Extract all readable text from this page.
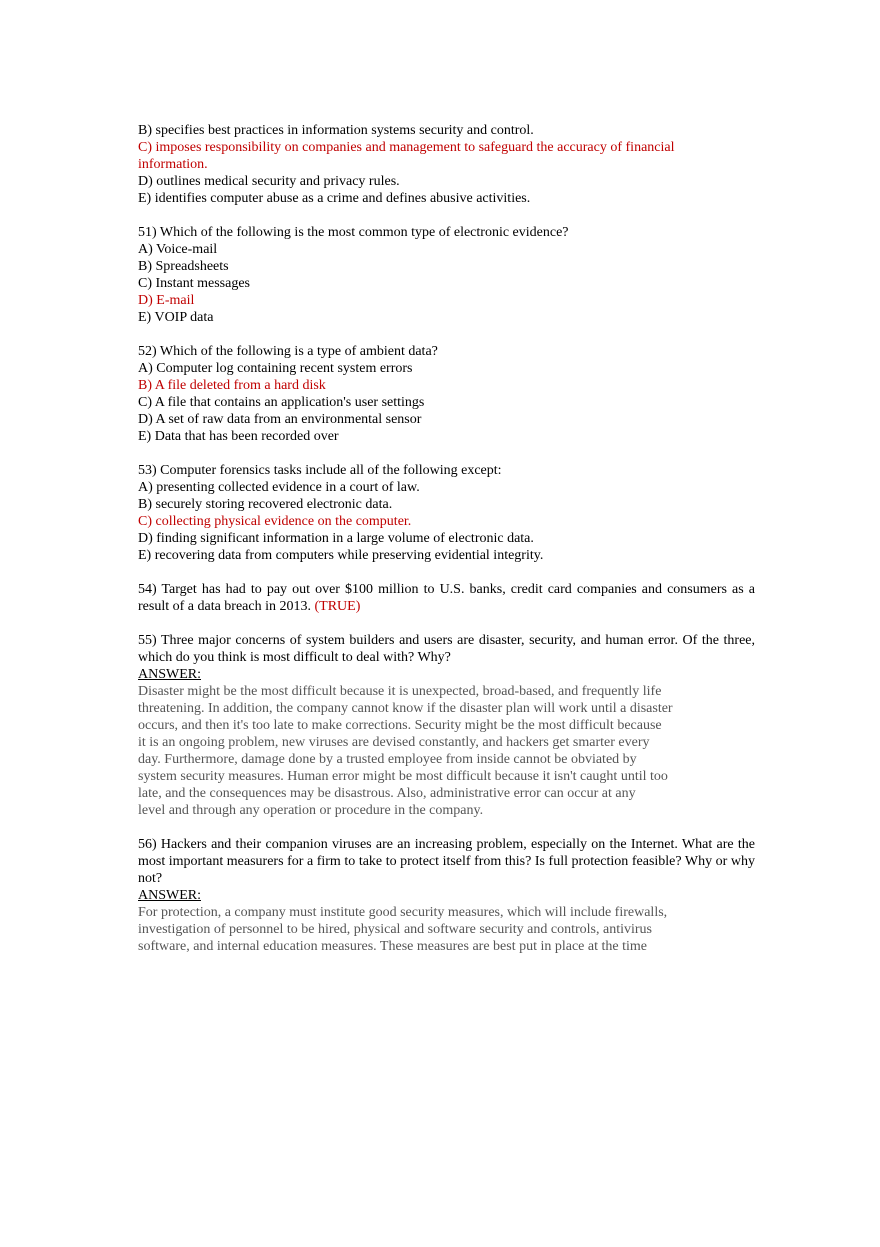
B) specifies best practices in information systems security and control.
C) imposes responsibility on companies and management to safeguard the accuracy of financial information.
D) outlines medical security and privacy rules.
E) identifies computer abuse as a crime and defines abusive activities.
51) Which of the following is the most common type of electronic evidence?
A) Voice-mail
B) Spreadsheets
C) Instant messages
D) E-mail
E) VOIP data
52) Which of the following is a type of ambient data?
A) Computer log containing recent system errors
B) A file deleted from a hard disk
C) A file that contains an application's user settings
D) A set of raw data from an environmental sensor
E) Data that has been recorded over
53) Computer forensics tasks include all of the following except:
A) presenting collected evidence in a court of law.
B) securely storing recovered electronic data.
C) collecting physical evidence on the computer.
D) finding significant information in a large volume of electronic data.
E) recovering data from computers while preserving evidential integrity.
54) Target has had to pay out over $100 million to U.S. banks, credit card companies and consumers as a result of a data breach in 2013. (TRUE)
55) Three major concerns of system builders and users are disaster, security, and human error. Of the three, which do you think is most difficult to deal with? Why?
ANSWER:
Disaster might be the most difficult because it is unexpected, broad-based, and frequently life
threatening. In addition, the company cannot know if the disaster plan will work until a disaster
occurs, and then it's too late to make corrections. Security might be the most difficult because
it is an ongoing problem, new viruses are devised constantly, and hackers get smarter every
day. Furthermore, damage done by a trusted employee from inside cannot be obviated by
system security measures. Human error might be most difficult because it isn't caught until too
late, and the consequences may be disastrous. Also, administrative error can occur at any
level and through any operation or procedure in the company.
56) Hackers and their companion viruses are an increasing problem, especially on the Internet. What are the most important measurers for a firm to take to protect itself from this? Is full protection feasible? Why or why not?
ANSWER:
For protection, a company must institute good security measures, which will include firewalls,
investigation of personnel to be hired, physical and software security and controls, antivirus
software, and internal education measures. These measures are best put in place at the time
